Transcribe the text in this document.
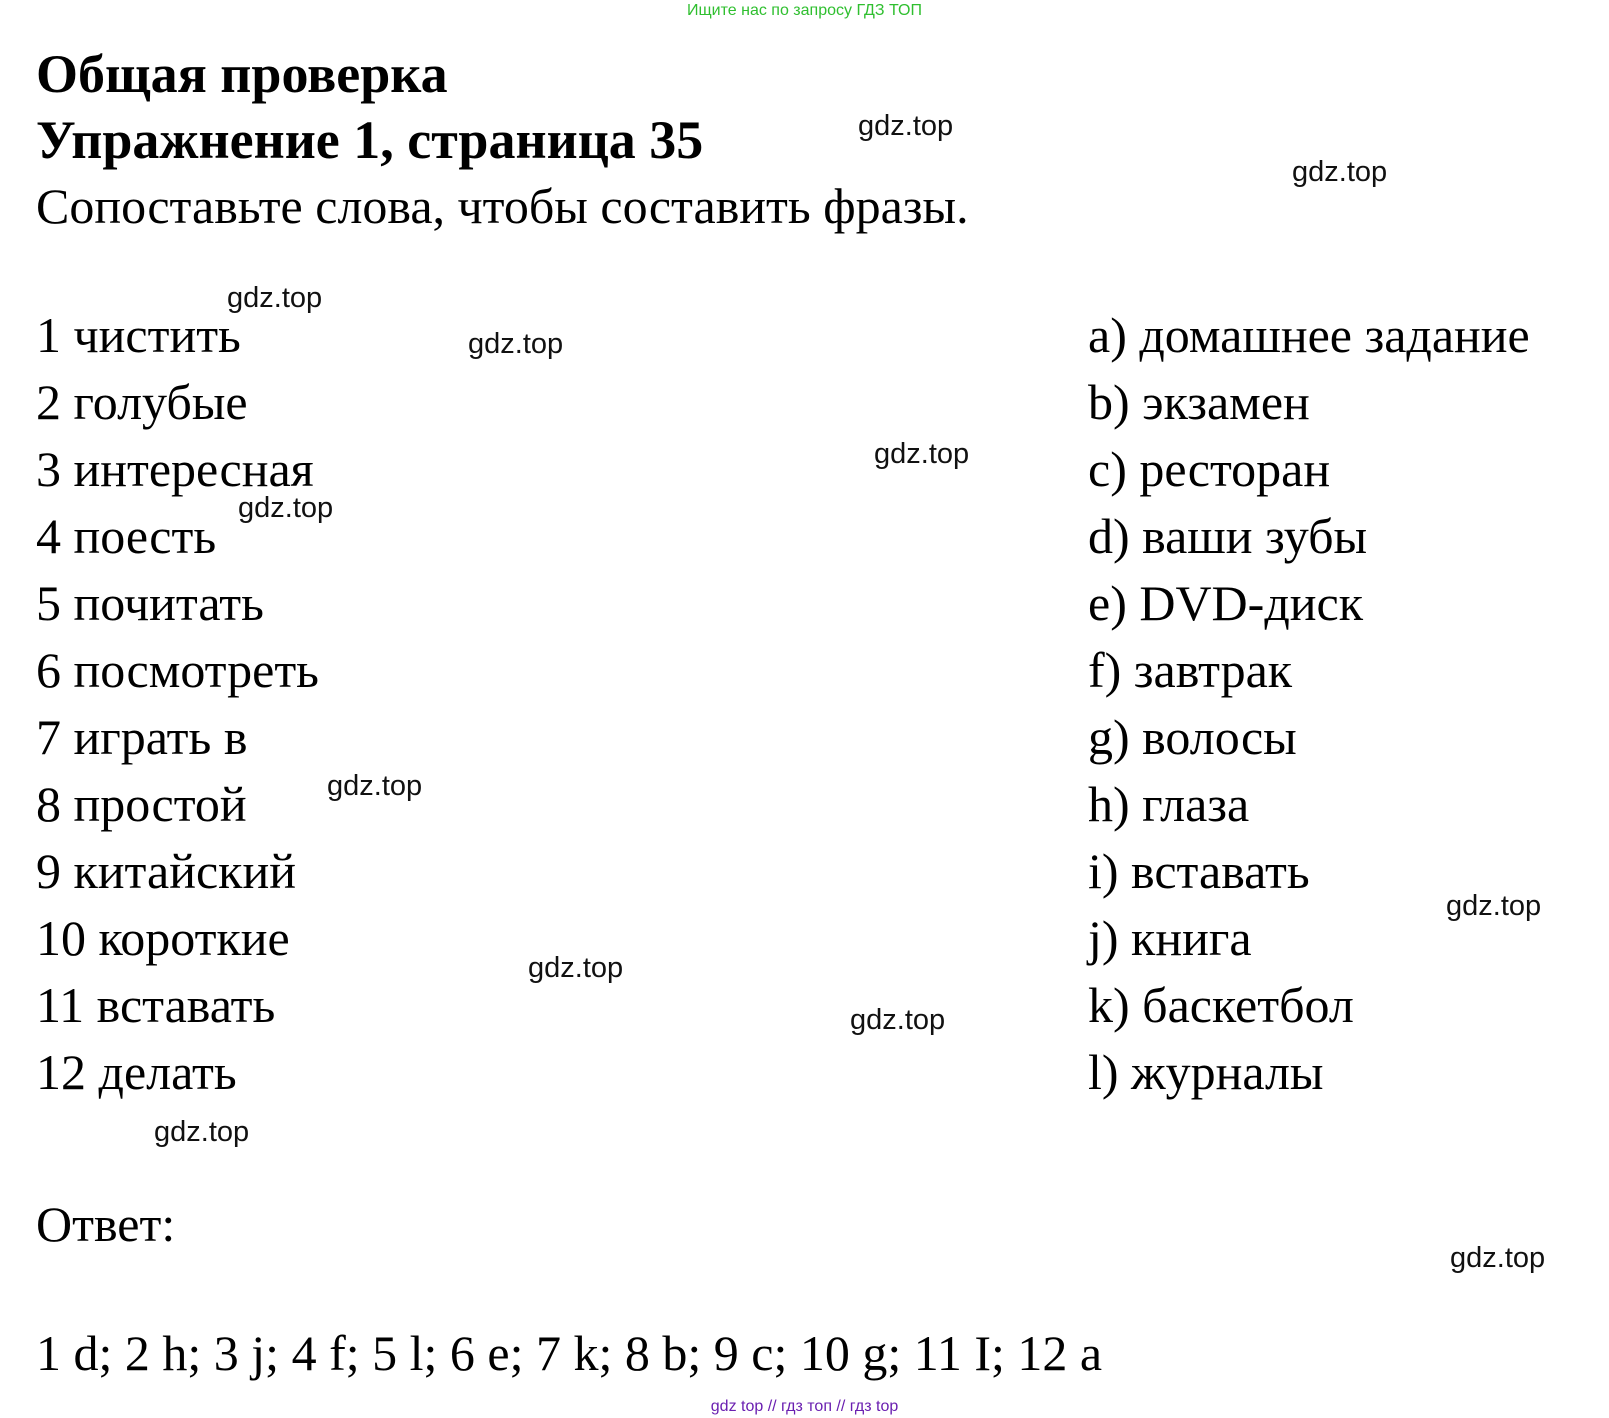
Ищите нас по запросу ГДЗ ТОП
Общая проверка
Упражнение 1, страница 35
Сопоставьте слова, чтобы составить фразы.
1 чистить
2 голубые
3 интересная
4 поесть
5 почитать
6 посмотреть
7 играть в
8 простой
9 китайский
10 короткие
11 вставать
12 делать
a) домашнее задание
b) экзамен
c) ресторан
d) ваши зубы
e) DVD-диск
f) завтрак
g) волосы
h) глаза
i) вставать
j) книга
k) баскетбол
l) журналы
Ответ:
1 d; 2 h; 3 j; 4 f; 5 l; 6 e; 7 k; 8 b; 9 c; 10 g; 11 I; 12 a
gdz.top
gdz.top
gdz.top
gdz.top
gdz.top
gdz.top
gdz.top
gdz.top
gdz.top
gdz.top
gdz.top
gdz.top
gdz top // гдз топ // гдз top
